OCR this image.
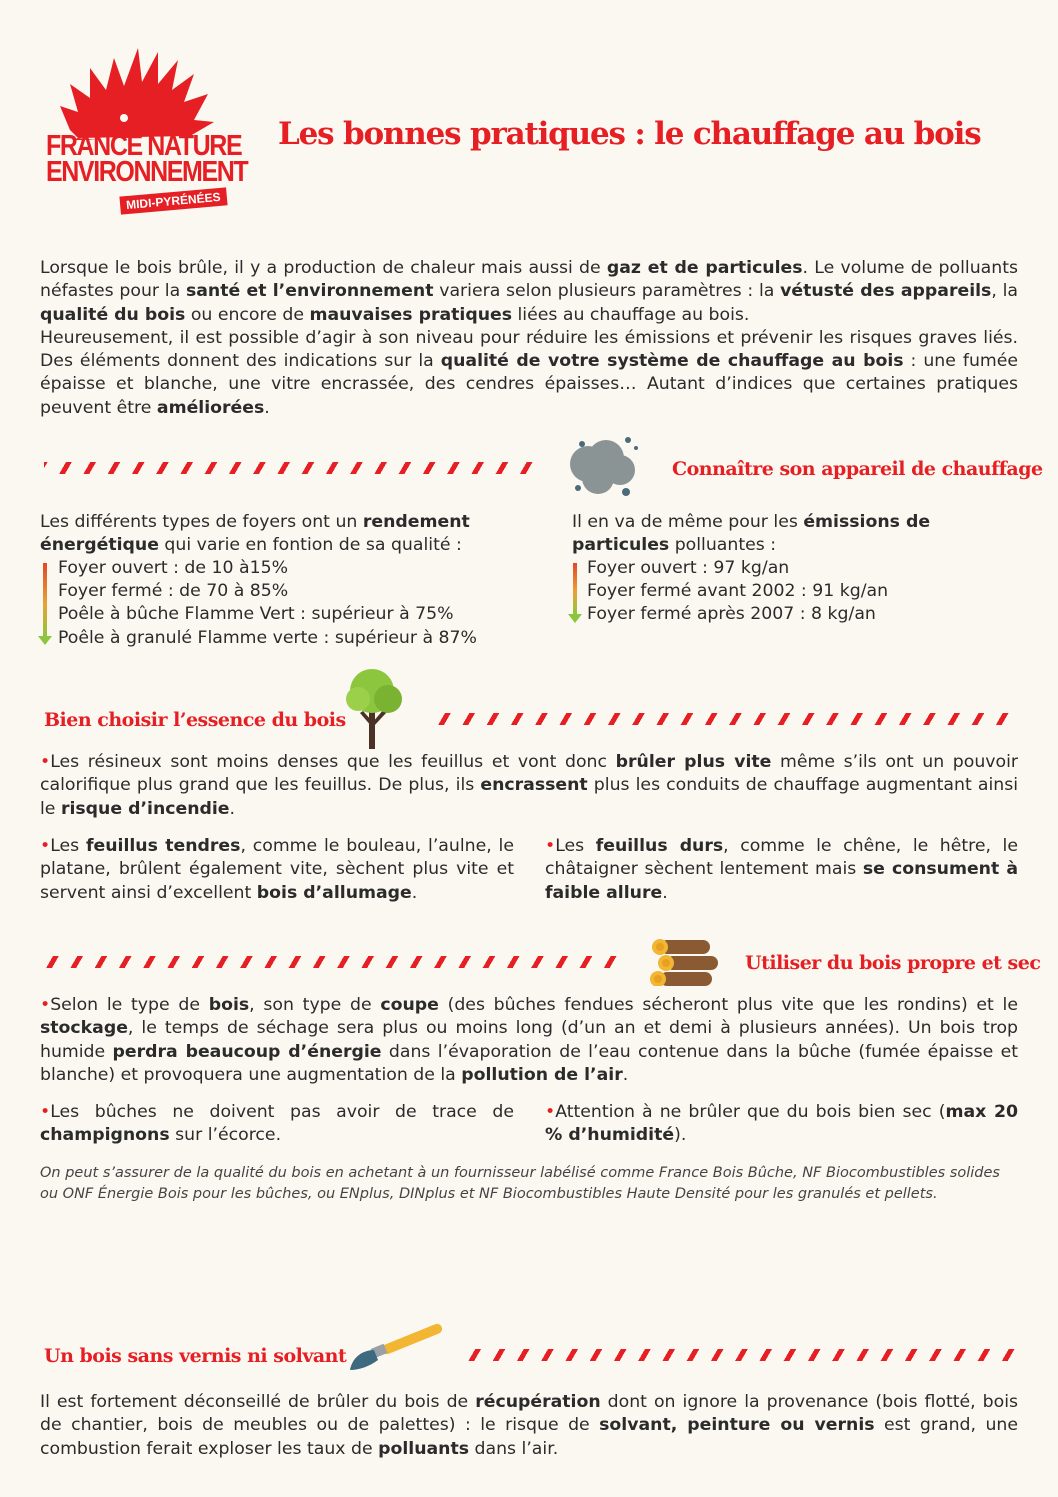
FRANCE NATURE
ENVIRONNEMENT
MIDI-PYRÉNÉES
Les bonnes pratiques : le chauffage au bois
Lorsque le bois brûle, il y a production de chaleur mais aussi de gaz et de particules. Le volume de polluants néfastes pour la santé et l’environnement variera selon plusieurs paramètres : la vétusté des appareils, la qualité du bois ou encore de mauvaises pratiques liées au chauffage au bois.
Heureusement, il est possible d’agir à son niveau pour réduire les émissions et prévenir les risques graves liés. Des éléments donnent des indications sur la qualité de votre système de chauffage au bois : une fumée épaisse et blanche, une vitre encrassée, des cendres épaisses… Autant d’indices que certaines pratiques peuvent être améliorées.
Connaître son appareil de chauffage
Les différents types de foyers ont un rendement énergétique qui varie en fontion de sa qualité :
Foyer ouvert : de 10 à15%
Foyer fermé : de 70 à 85%
Poêle à bûche Flamme Vert : supérieur à 75%
Poêle à granulé Flamme verte : supérieur à 87%
Il en va de même pour les émissions de particules polluantes :
Foyer ouvert : 97 kg/an
Foyer fermé avant 2002 : 91 kg/an
Foyer fermé après 2007 : 8 kg/an
Bien choisir l’essence du bois
•Les résineux sont moins denses que les feuillus et vont donc brûler plus vite même s’ils ont un pouvoir calorifique plus grand que les feuillus. De plus, ils encrassent plus les conduits de chauffage augmentant ainsi le risque d’incendie.
•Les feuillus tendres, comme le bouleau, l’aulne, le platane, brûlent également vite, sèchent plus vite et servent ainsi d’excellent bois d’allumage.
•Les feuillus durs, comme le chêne, le hêtre, le châtaigner sèchent lentement mais se consument à faible allure.
Utiliser du bois propre et sec
•Selon le type de bois, son type de coupe (des bûches fendues sécheront plus vite que les rondins) et le stockage, le temps de séchage sera plus ou moins long (d’un an et demi à plusieurs années). Un bois trop humide perdra beaucoup d’énergie dans l’évaporation de l’eau contenue dans la bûche (fumée épaisse et blanche) et provoquera une augmentation de la pollution de l’air.
•Les bûches ne doivent pas avoir de trace de champignons sur l’écorce.
•Attention à ne brûler que du bois bien sec (max 20 % d’humidité).
On peut s’assurer de la qualité du bois en achetant à un fournisseur labélisé comme France Bois Bûche, NF Biocombustibles solides ou ONF Énergie Bois pour les bûches, ou ENplus, DINplus et NF Biocombustibles Haute Densité pour les granulés et pellets.
Un bois sans vernis ni solvant
Il est fortement déconseillé de brûler du bois de récupération dont on ignore la provenance (bois flotté, bois de chantier, bois de meubles ou de palettes) : le risque de solvant, peinture ou vernis est grand, une combustion ferait exploser les taux de polluants dans l’air.
